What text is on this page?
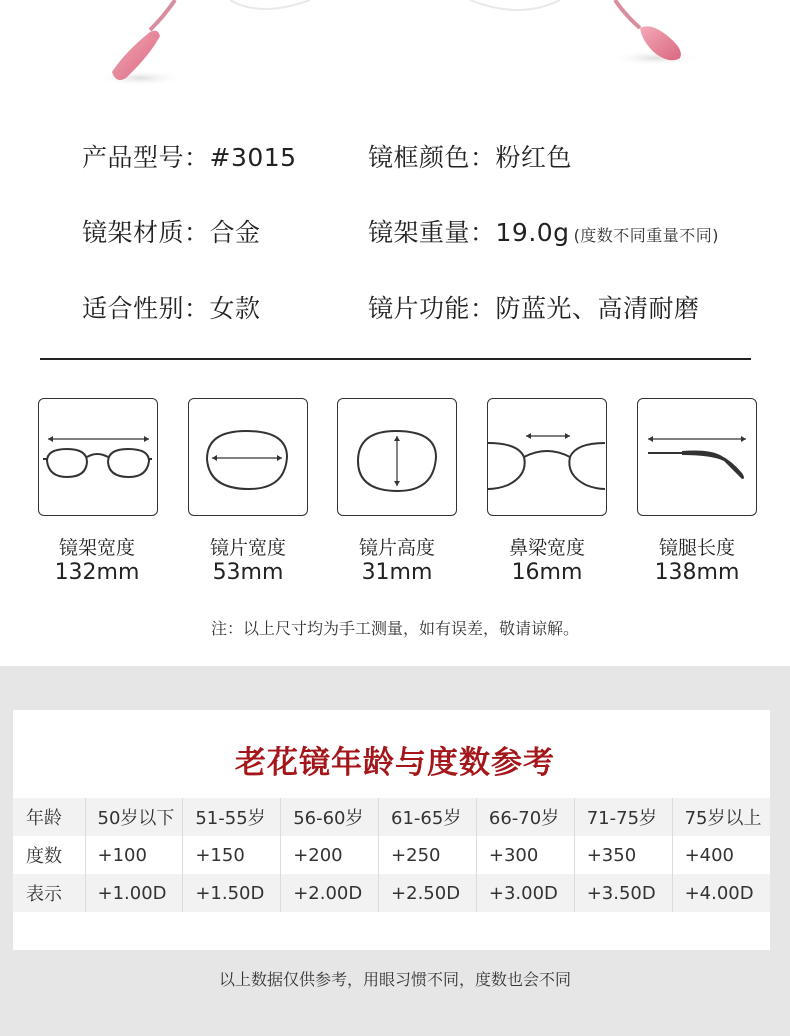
产品型号：#3015	镜框颜色：粉红色
镜架材质：合金	镜架重量：19.0g (度数不同重量不同)
适合性别：女款	镜片功能：防蓝光、高清耐磨
镜架宽度
132mm
镜片宽度
53mm
镜片高度
31mm
鼻梁宽度
16mm
镜腿长度
138mm
注：以上尺寸均为手工测量，如有误差，敬请谅解。
老花镜年龄与度数参考
年龄	50岁以下	51-55岁	56-60岁	61-65岁	66-70岁	71-75岁	75岁以上
度数	+100	+150	+200	+250	+300	+350	+400
表示	+1.00D	+1.50D	+2.00D	+2.50D	+3.00D	+3.50D	+4.00D
以上数据仅供参考，用眼习惯不同，度数也会不同
